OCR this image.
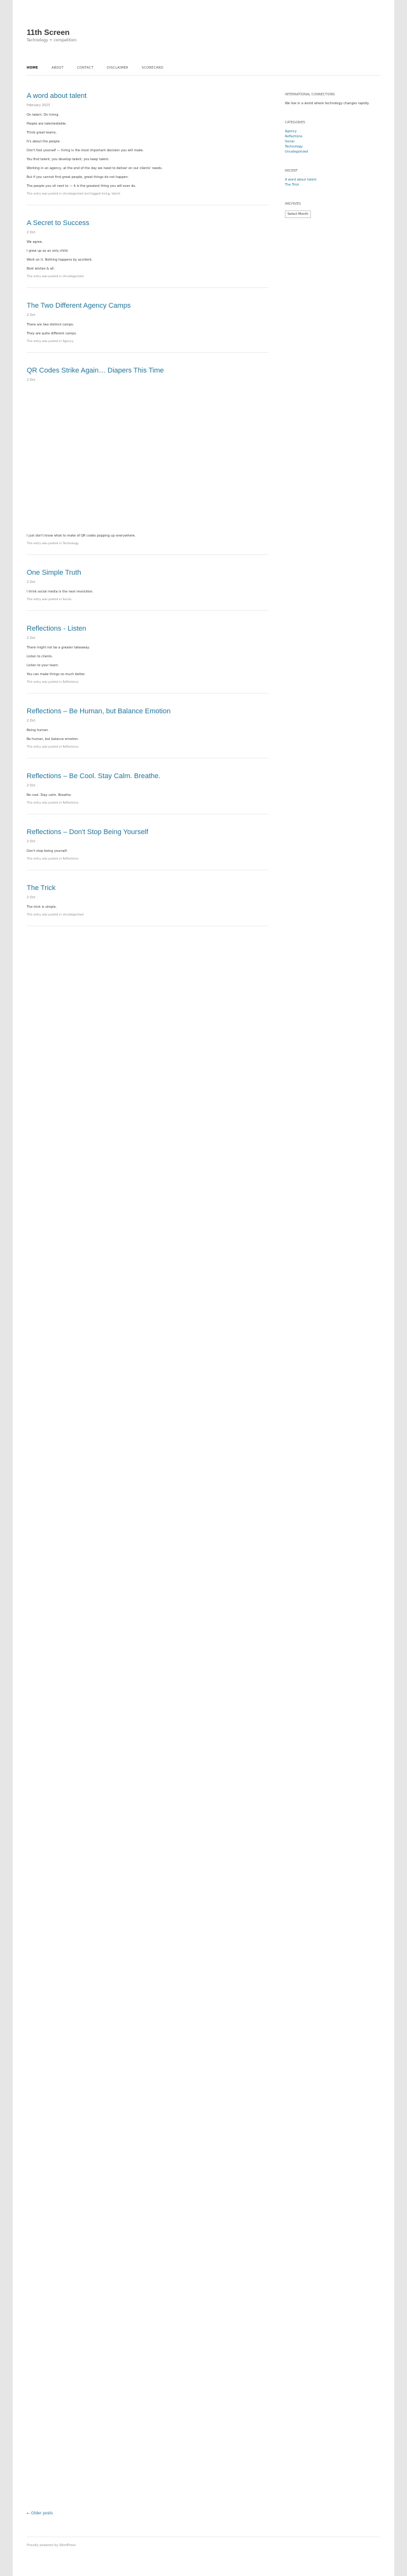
11th Screen
Technology + competition
HOME	ABOUT	CONTACT	DISCLAIMER	SCORECARD
A word about talent
February 2023

On talent. On hiring.

People are talented/able.

Think great teams.

It's about the people.

Don't fool yourself — hiring is the most important decision you will make.

You find talent; you develop talent; you keep talent.

Working in an agency, at the end of the day we need to deliver on our clients' needs.

But if you cannot find great people, great things do not happen.

The people you sit next to — it is the greatest thing you will ever do.

This entry was posted in Uncategorized and tagged hiring, talent.
A Secret to Success
2 Oct

We agree.

I grew up as an only child.

Work on it. Nothing happens by accident.

Best wishes & all.

This entry was posted in Uncategorized.
The Two Different Agency Camps
2 Oct

There are two distinct camps.

They are quite different camps.

This entry was posted in Agency.
QR Codes Strike Again… Diapers This Time
2 Oct

I just don't know what to make of QR codes popping up everywhere.

This entry was posted in Technology.
One Simple Truth
2 Oct

I think social media is the next revolution.

This entry was posted in Social.
Reflections - Listen
2 Oct

There might not be a greater takeaway.

Listen to clients.

Listen to your team.

You can make things so much better.

This entry was posted in Reflections.
Reflections – Be Human, but Balance Emotion
2 Oct

Being human.

Be human, but balance emotion.

This entry was posted in Reflections.
Reflections – Be Cool. Stay Calm. Breathe.
2 Oct

Be cool. Stay calm. Breathe.

This entry was posted in Reflections.
Reflections – Don't Stop Being Yourself
2 Oct

Don't stop being yourself.

This entry was posted in Reflections.
The Trick
2 Oct

The trick is simple.

This entry was posted in Uncategorized.
INTERNATIONAL CONNECTIONS
We live in a world where technology changes rapidly.
CATEGORIES
Agency
Reflections
Social
Technology
Uncategorized
RECENT
A word about talent
The Trick
ARCHIVES
Select Month
← Older posts
Proudly powered by WordPress
